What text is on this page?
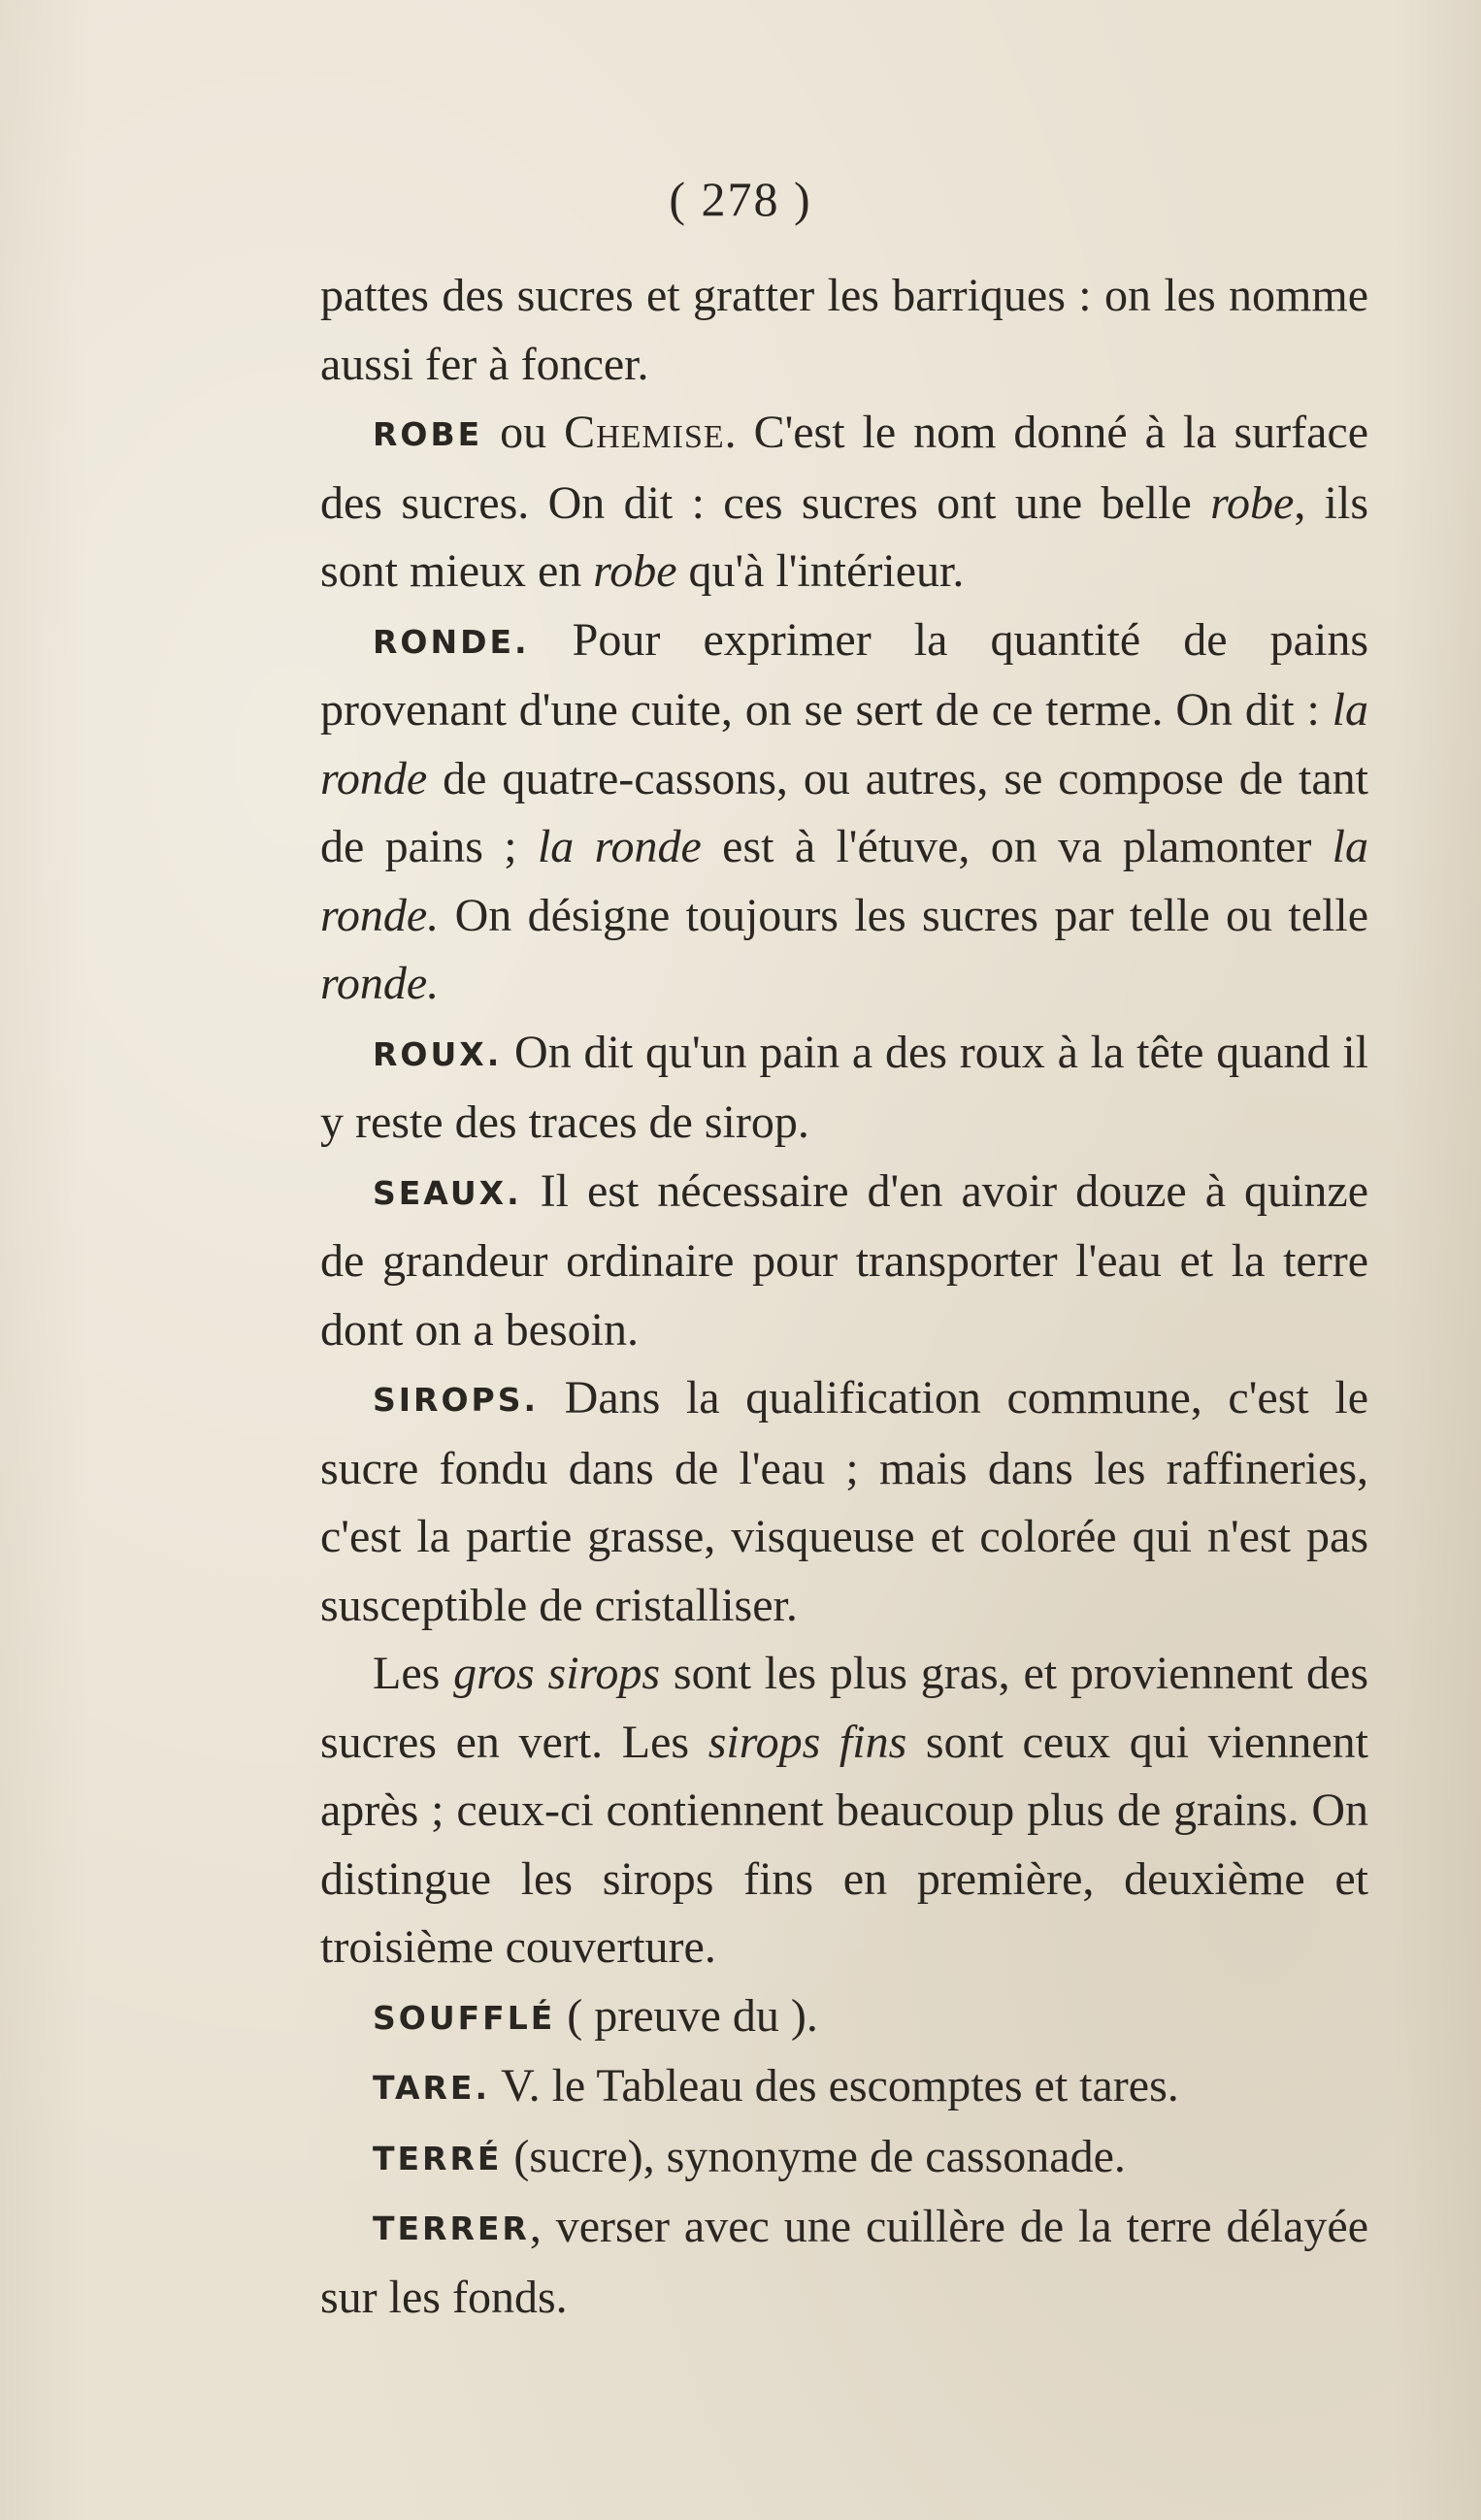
( 278 )

pattes des sucres et gratter les barriques : on les nomme aussi fer à foncer.

ROBE ou Chemise. C'est le nom donné à la surface des sucres. On dit : ces sucres ont une belle robe, ils sont mieux en robe qu'à l'intérieur.

RONDE. Pour exprimer la quantité de pains provenant d'une cuite, on se sert de ce terme. On dit : la ronde de quatre-cassons, ou autres, se compose de tant de pains ; la ronde est à l'étuve, on va plamonter la ronde. On désigne toujours les sucres par telle ou telle ronde.

ROUX. On dit qu'un pain a des roux à la tête quand il y reste des traces de sirop.

SEAUX. Il est nécessaire d'en avoir douze à quinze de grandeur ordinaire pour transporter l'eau et la terre dont on a besoin.

SIROPS. Dans la qualification commune, c'est le sucre fondu dans de l'eau ; mais dans les raffineries, c'est la partie grasse, visqueuse et colorée qui n'est pas susceptible de cristalliser.

Les gros sirops sont les plus gras, et proviennent des sucres en vert. Les sirops fins sont ceux qui viennent après ; ceux-ci contiennent beaucoup plus de grains. On distingue les sirops fins en première, deuxième et troisième couverture.

SOUFFLÉ ( preuve du ).

TARE. V. le Tableau des escomptes et tares.

TERRÉ (sucre), synonyme de cassonade.

TERRER, verser avec une cuillère de la terre délayée sur les fonds.
